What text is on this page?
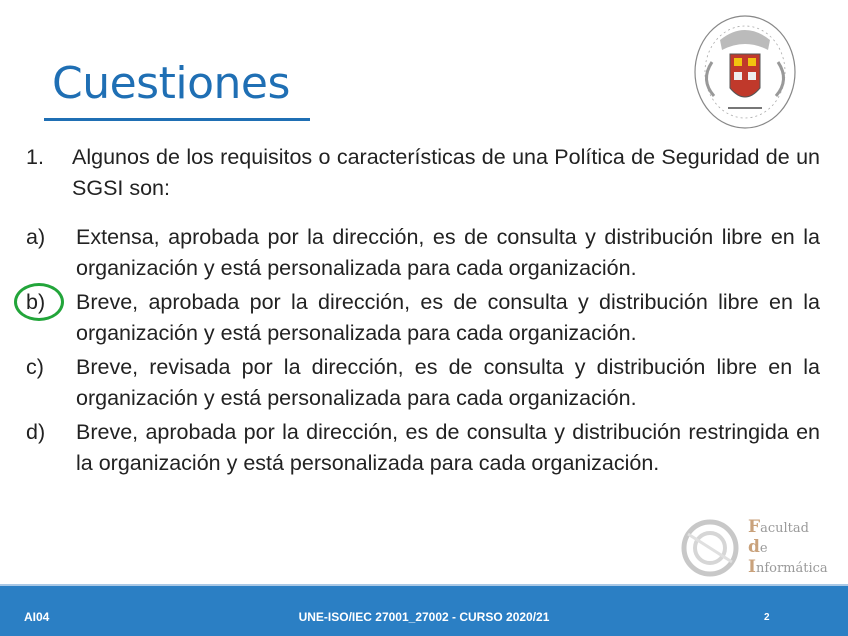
Cuestiones
1.	Algunos de los requisitos o características de una Política de Seguridad de un SGSI son:
a)	Extensa, aprobada por la dirección, es de consulta y distribución libre en la organización y está personalizada para cada organización.
b)	Breve, aprobada por la dirección, es de consulta y distribución libre en la organización y está personalizada para cada organización.
c)	Breve, revisada por la dirección, es de consulta y distribución libre en la organización y está personalizada para cada organización.
d)	Breve, aprobada por la dirección, es de consulta y distribución restringida en la organización y está personalizada para cada organización.
Facultad
de
Informática
AI04	UNE-ISO/IEC 27001_27002 - CURSO 2020/21	2
